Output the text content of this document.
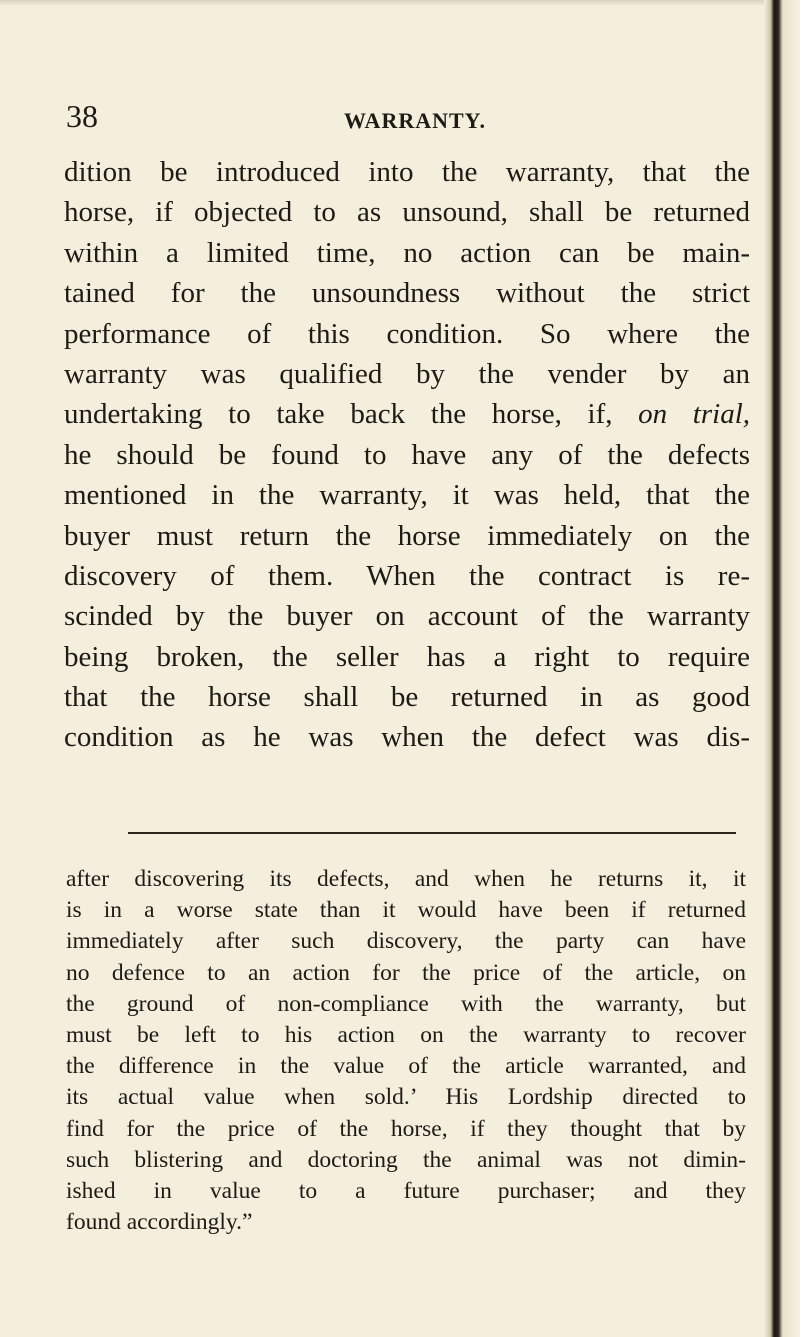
38	WARRANTY.
dition be introduced into the warranty, that the
horse, if objected to as unsound, shall be returned
within a limited time, no action can be main-
tained for the unsoundness without the strict
performance of this condition. So where the
warranty was qualified by the vender by an
undertaking to take back the horse, if, on trial,
he should be found to have any of the defects
mentioned in the warranty, it was held, that the
buyer must return the horse immediately on the
discovery of them. When the contract is re-
scinded by the buyer on account of the warranty
being broken, the seller has a right to require
that the horse shall be returned in as good
condition as he was when the defect was dis-
after discovering its defects, and when he returns it, it
is in a worse state than it would have been if returned
immediately after such discovery, the party can have
no defence to an action for the price of the article, on
the ground of non-compliance with the warranty, but
must be left to his action on the warranty to recover
the difference in the value of the article warranted, and
its actual value when sold.’ His Lordship directed to
find for the price of the horse, if they thought that by
such blistering and doctoring the animal was not dimin-
ished in value to a future purchaser; and they
found accordingly.”
